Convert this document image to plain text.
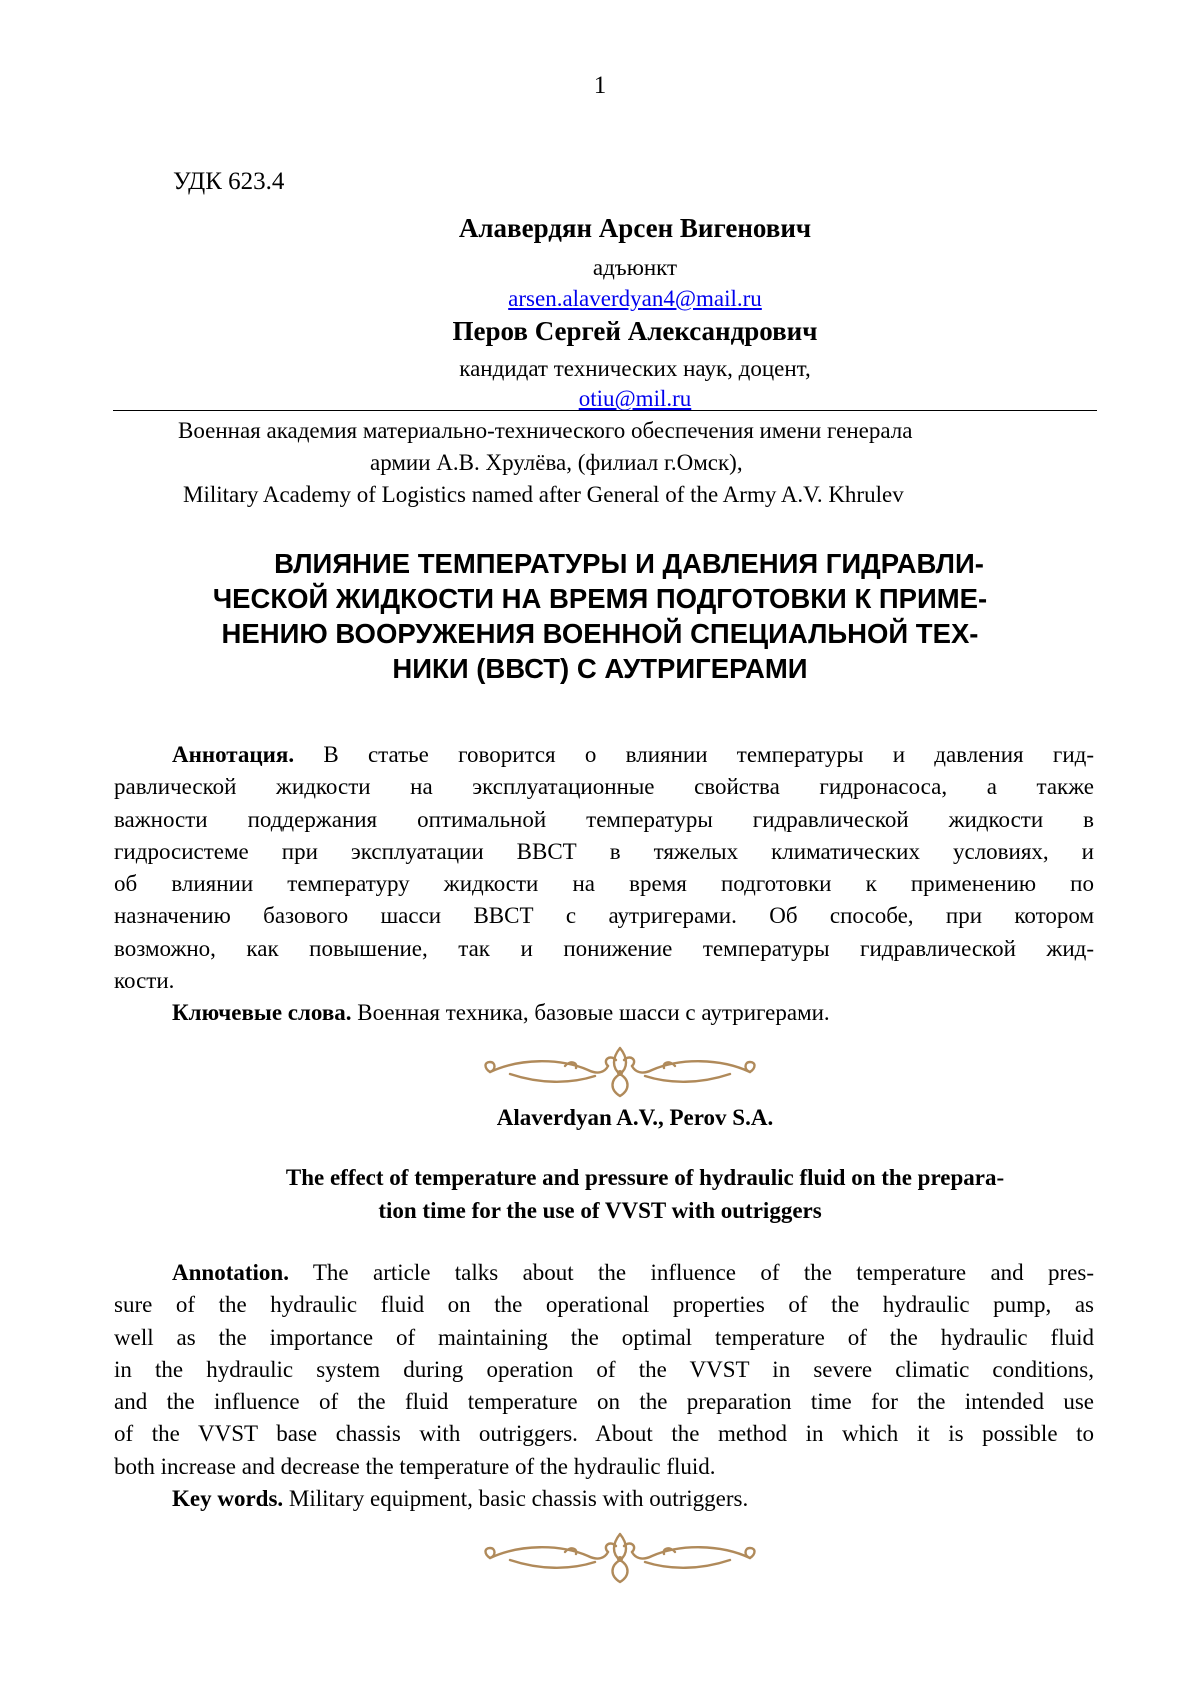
1
УДК 623.4
Алавердян Арсен Вигенович
адъюнкт
arsen.alaverdyan4@mail.ru
Перов Сергей Александрович
кандидат технических наук, доцент,
otiu@mil.ru
Военная академия материально-технического обеспечения имени генерала
армии А.В. Хрулёва, (филиал г.Омск),
Military Academy of Logistics named after General of the Army A.V. Khrulev
ВЛИЯНИЕ ТЕМПЕРАТУРЫ И ДАВЛЕНИЯ ГИДРАВЛИ-
ЧЕСКОЙ ЖИДКОСТИ НА ВРЕМЯ ПОДГОТОВКИ К ПРИМЕ-
НЕНИЮ ВООРУЖЕНИЯ ВОЕННОЙ СПЕЦИАЛЬНОЙ ТЕХ-
НИКИ (ВВСТ) С АУТРИГЕРАМИ
Аннотация. В статье говорится о влиянии температуры и давления гид-
равлической жидкости на эксплуатационные свойства гидронасоса, а также
важности поддержания оптимальной температуры гидравлической жидкости в
гидросистеме при эксплуатации ВВСТ в тяжелых климатических условиях, и
об влиянии температуру жидкости на время подготовки к применению по
назначению базового шасси ВВСТ с аутригерами. Об способе, при котором
возможно, как повышение, так и понижение температуры гидравлической жид-
кости.
Ключевые слова. Военная техника, базовые шасси с аутригерами.
Alaverdyan A.V., Perov S.A.
The effect of temperature and pressure of hydraulic fluid on the prepara-
tion time for the use of VVST with outriggers
Annotation. The article talks about the influence of the temperature and pres-
sure of the hydraulic fluid on the operational properties of the hydraulic pump, as
well as the importance of maintaining the optimal temperature of the hydraulic fluid
in the hydraulic system during operation of the VVST in severe climatic conditions,
and the influence of the fluid temperature on the preparation time for the intended use
of the VVST base chassis with outriggers. About the method in which it is possible to
both increase and decrease the temperature of the hydraulic fluid.
Key words. Military equipment, basic chassis with outriggers.
